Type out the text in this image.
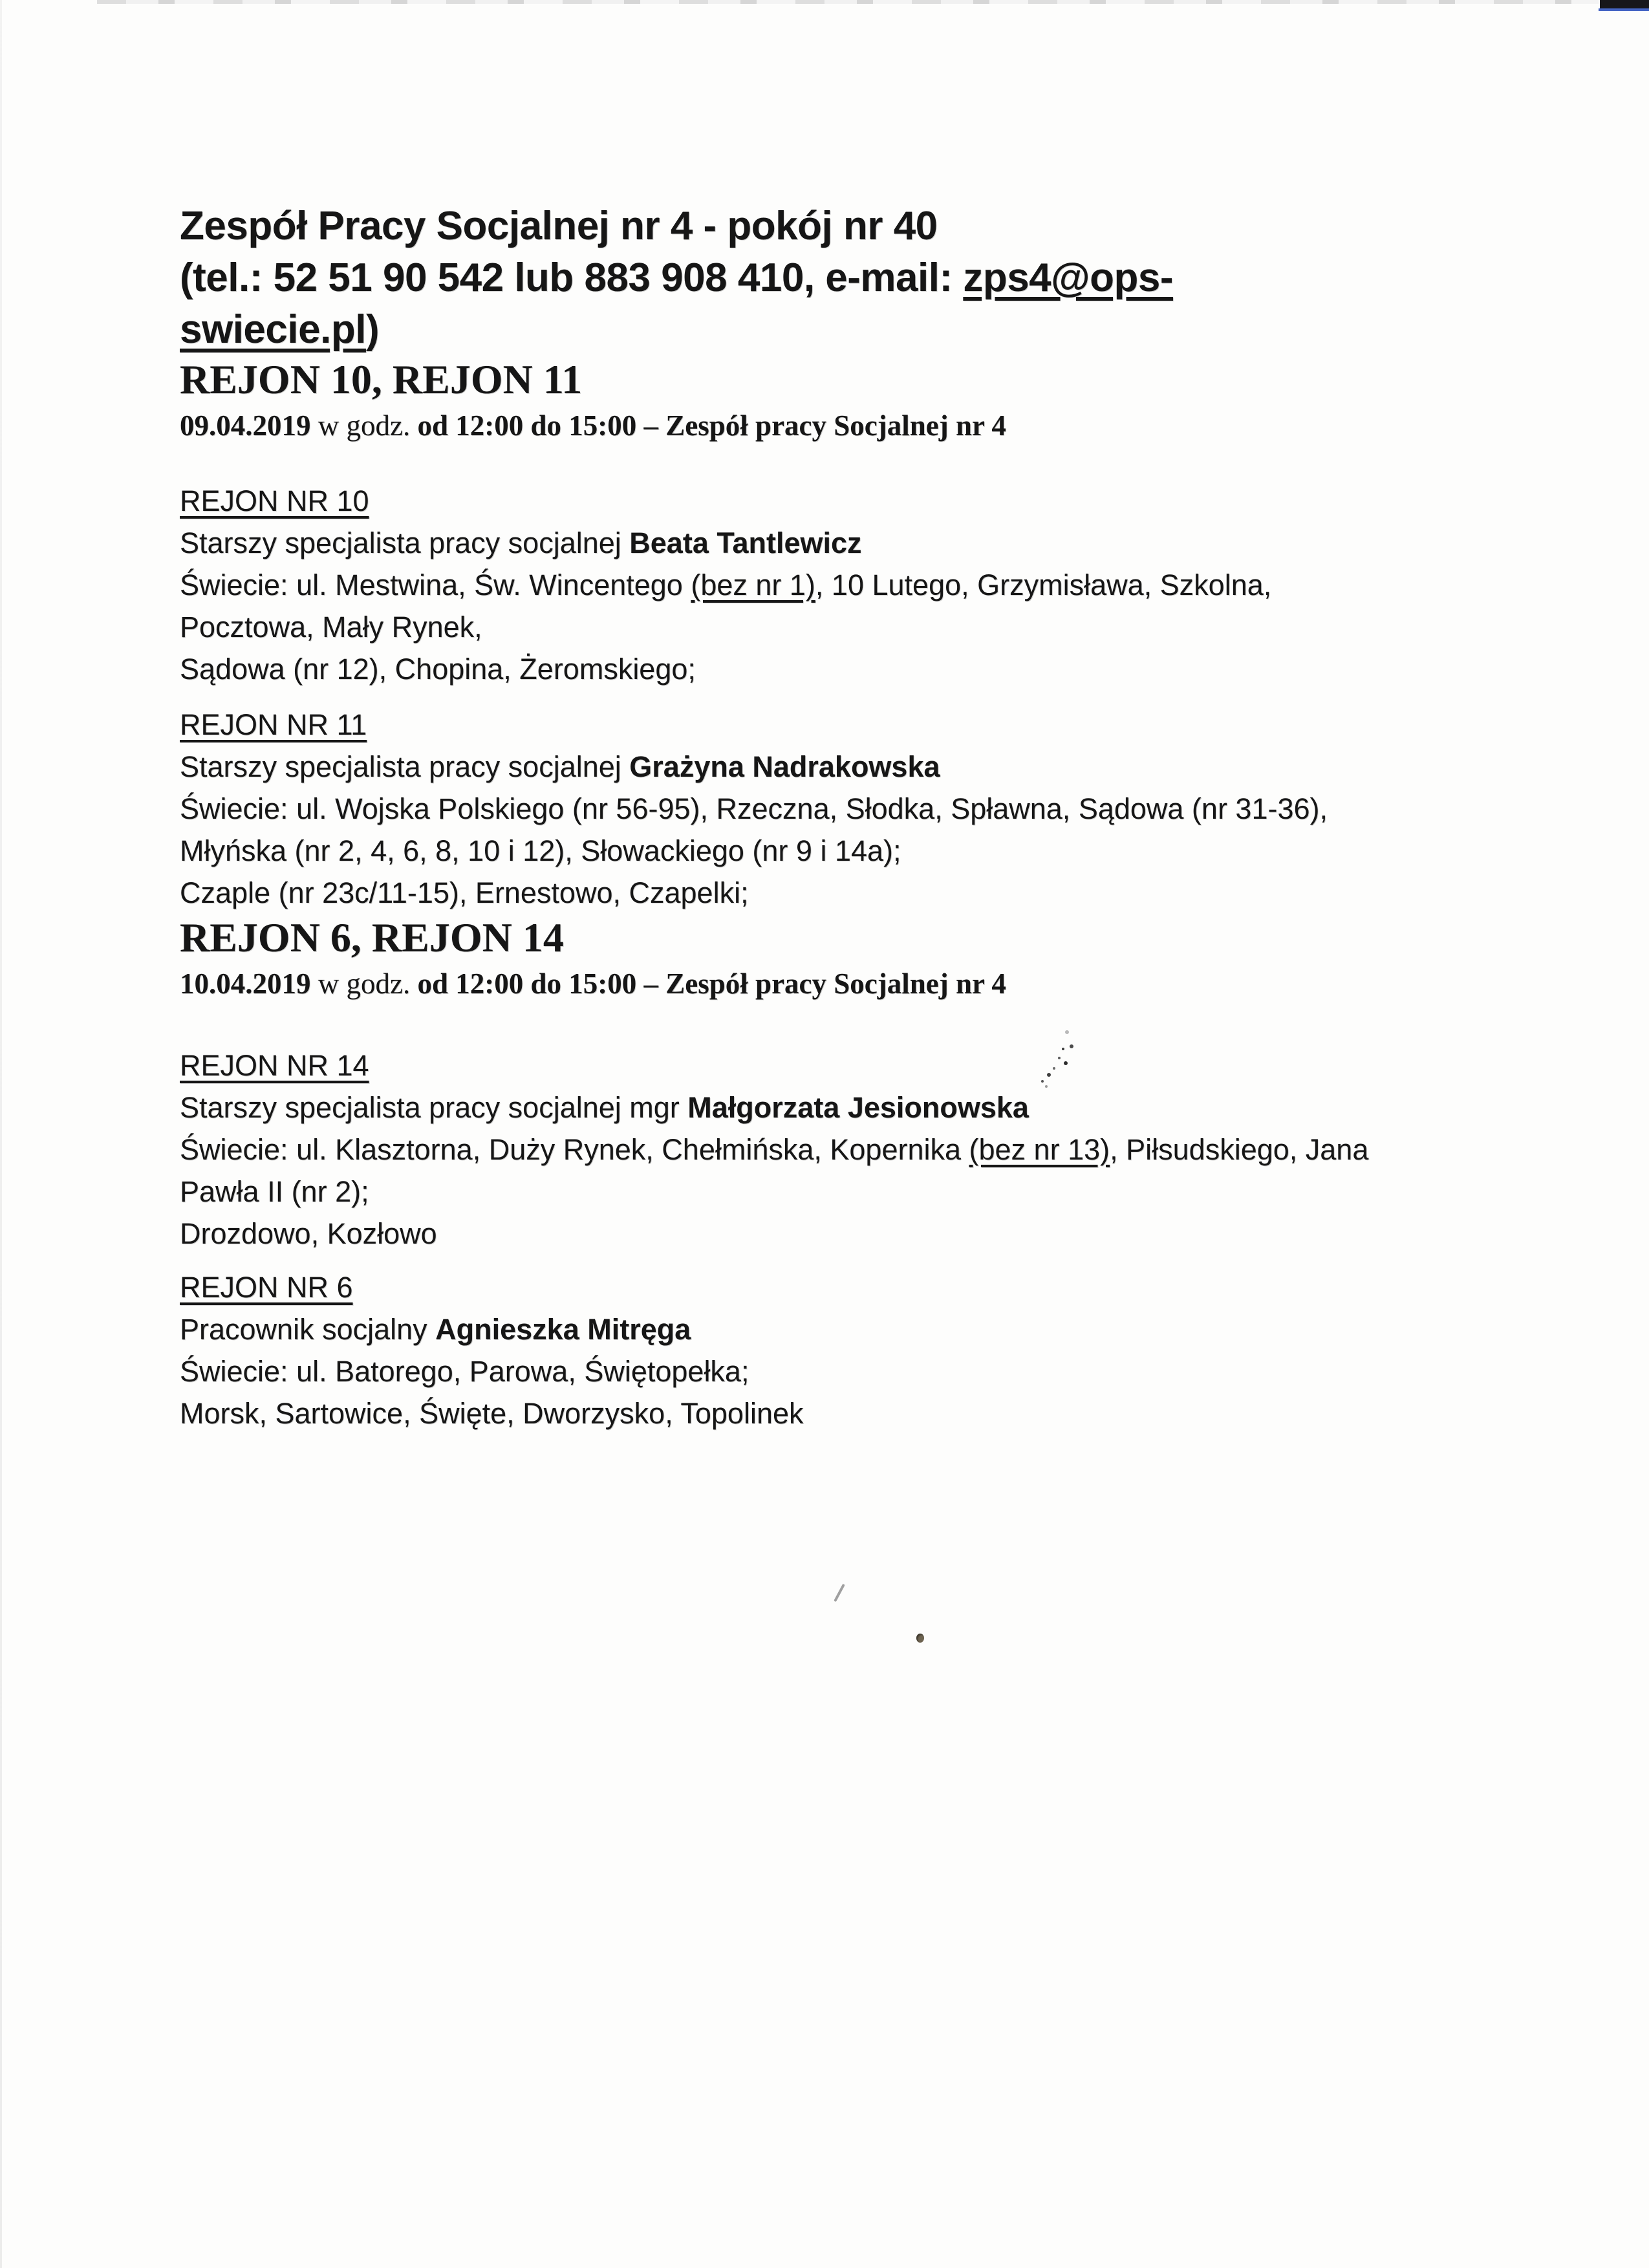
Zespół Pracy Socjalnej nr 4 - pokój nr 40
(tel.: 52 51 90 542 lub 883 908 410, e-mail: zps4@ops-
swiecie.pl)
REJON 10, REJON 11

09.04.2019 w godz. od 12:00 do 15:00 – Zespół pracy Socjalnej nr 4

REJON NR 10

Starszy specjalista pracy socjalnej Beata Tantlewicz

Świecie: ul. Mestwina, Św. Wincentego (bez nr 1), 10 Lutego, Grzymisława, Szkolna,

Pocztowa, Mały Rynek,

Sądowa (nr 12), Chopina, Żeromskiego;

REJON NR 11

Starszy specjalista pracy socjalnej Grażyna Nadrakowska

Świecie: ul. Wojska Polskiego (nr 56-95), Rzeczna, Słodka, Spławna, Sądowa (nr 31-36),

Młyńska (nr 2, 4, 6, 8, 10 i 12), Słowackiego (nr 9 i 14a);

Czaple (nr 23c/11-15), Ernestowo, Czapelki;

REJON 6, REJON 14

10.04.2019 w godz. od 12:00 do 15:00 – Zespół pracy Socjalnej nr 4

REJON NR 14

Starszy specjalista pracy socjalnej mgr Małgorzata Jesionowska

Świecie: ul. Klasztorna, Duży Rynek, Chełmińska, Kopernika (bez nr 13), Piłsudskiego, Jana

Pawła II (nr 2);

Drozdowo, Kozłowo

REJON NR 6

Pracownik socjalny Agnieszka Mitręga

Świecie: ul. Batorego, Parowa, Świętopełka;

Morsk, Sartowice, Święte, Dworzysko, Topolinek
